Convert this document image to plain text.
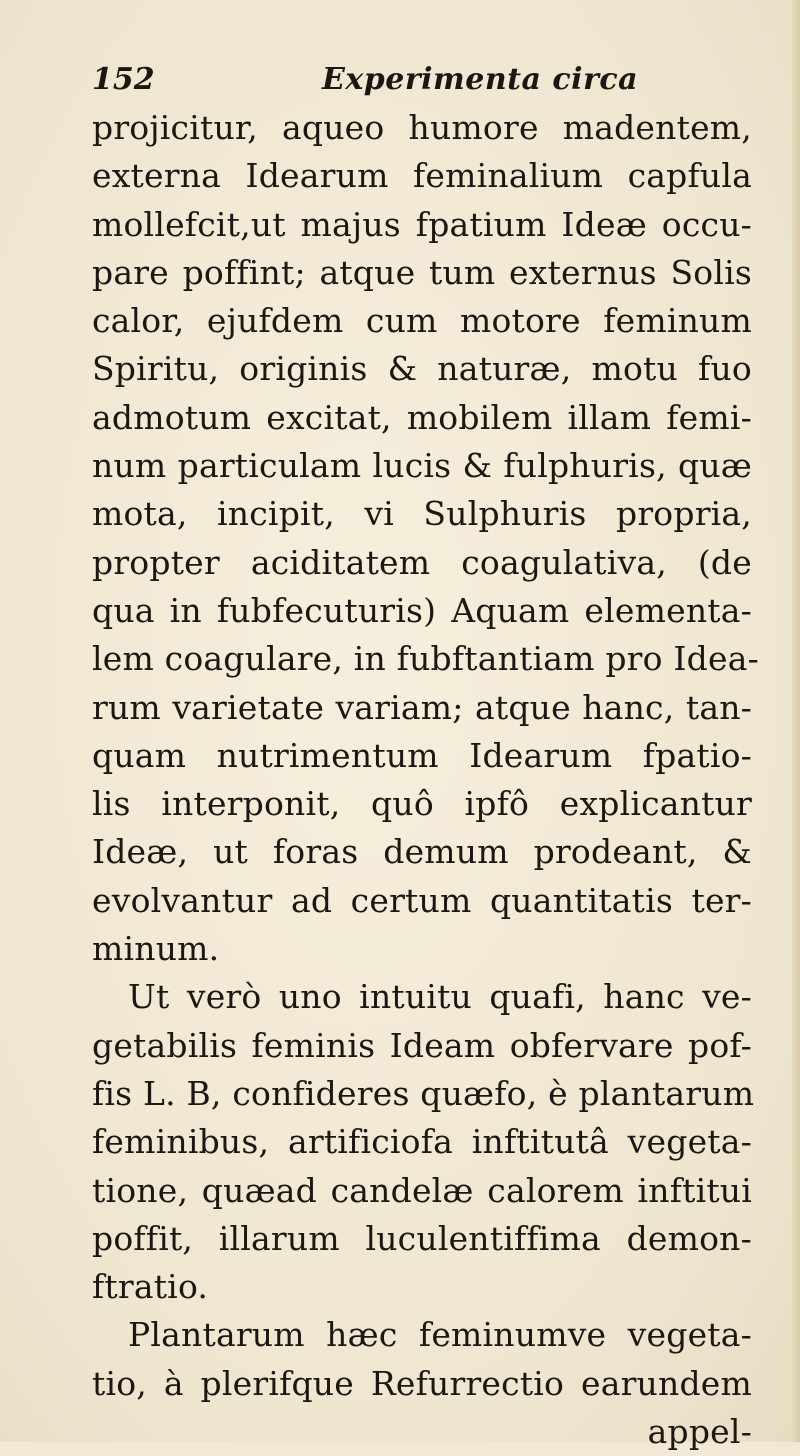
152	Experimenta circa
projicitur, aqueo humore madentem,
externa Idearum feminalium capfula
mollefcit,ut majus fpatium Ideæ occu-
pare poffint; atque tum externus Solis
calor, ejufdem cum motore feminum
Spiritu, originis & naturæ, motu fuo
admotum excitat, mobilem illam femi-
num particulam lucis & fulphuris, quæ
mota, incipit, vi Sulphuris propria,
propter aciditatem coagulativa, (de
qua in fubfecuturis) Aquam elementa-
lem coagulare, in fubftantiam pro Idea-
rum varietate variam; atque hanc, tan-
quam nutrimentum Idearum fpatio-
lis interponit, quô ipfô explicantur
Ideæ, ut foras demum prodeant, &
evolvantur ad certum quantitatis ter-
minum.
Ut verò uno intuitu quafi, hanc ve-
getabilis feminis Ideam obfervare pof-
fis L. B, confideres quæfo, è plantarum
feminibus, artificiofa inftitutâ vegeta-
tione, quæad candelæ calorem inftitui
poffit, illarum luculentiffima demon-
ftratio.
Plantarum hæc feminumve vegeta-
tio, à plerifque Refurrectio earundem
appel-
